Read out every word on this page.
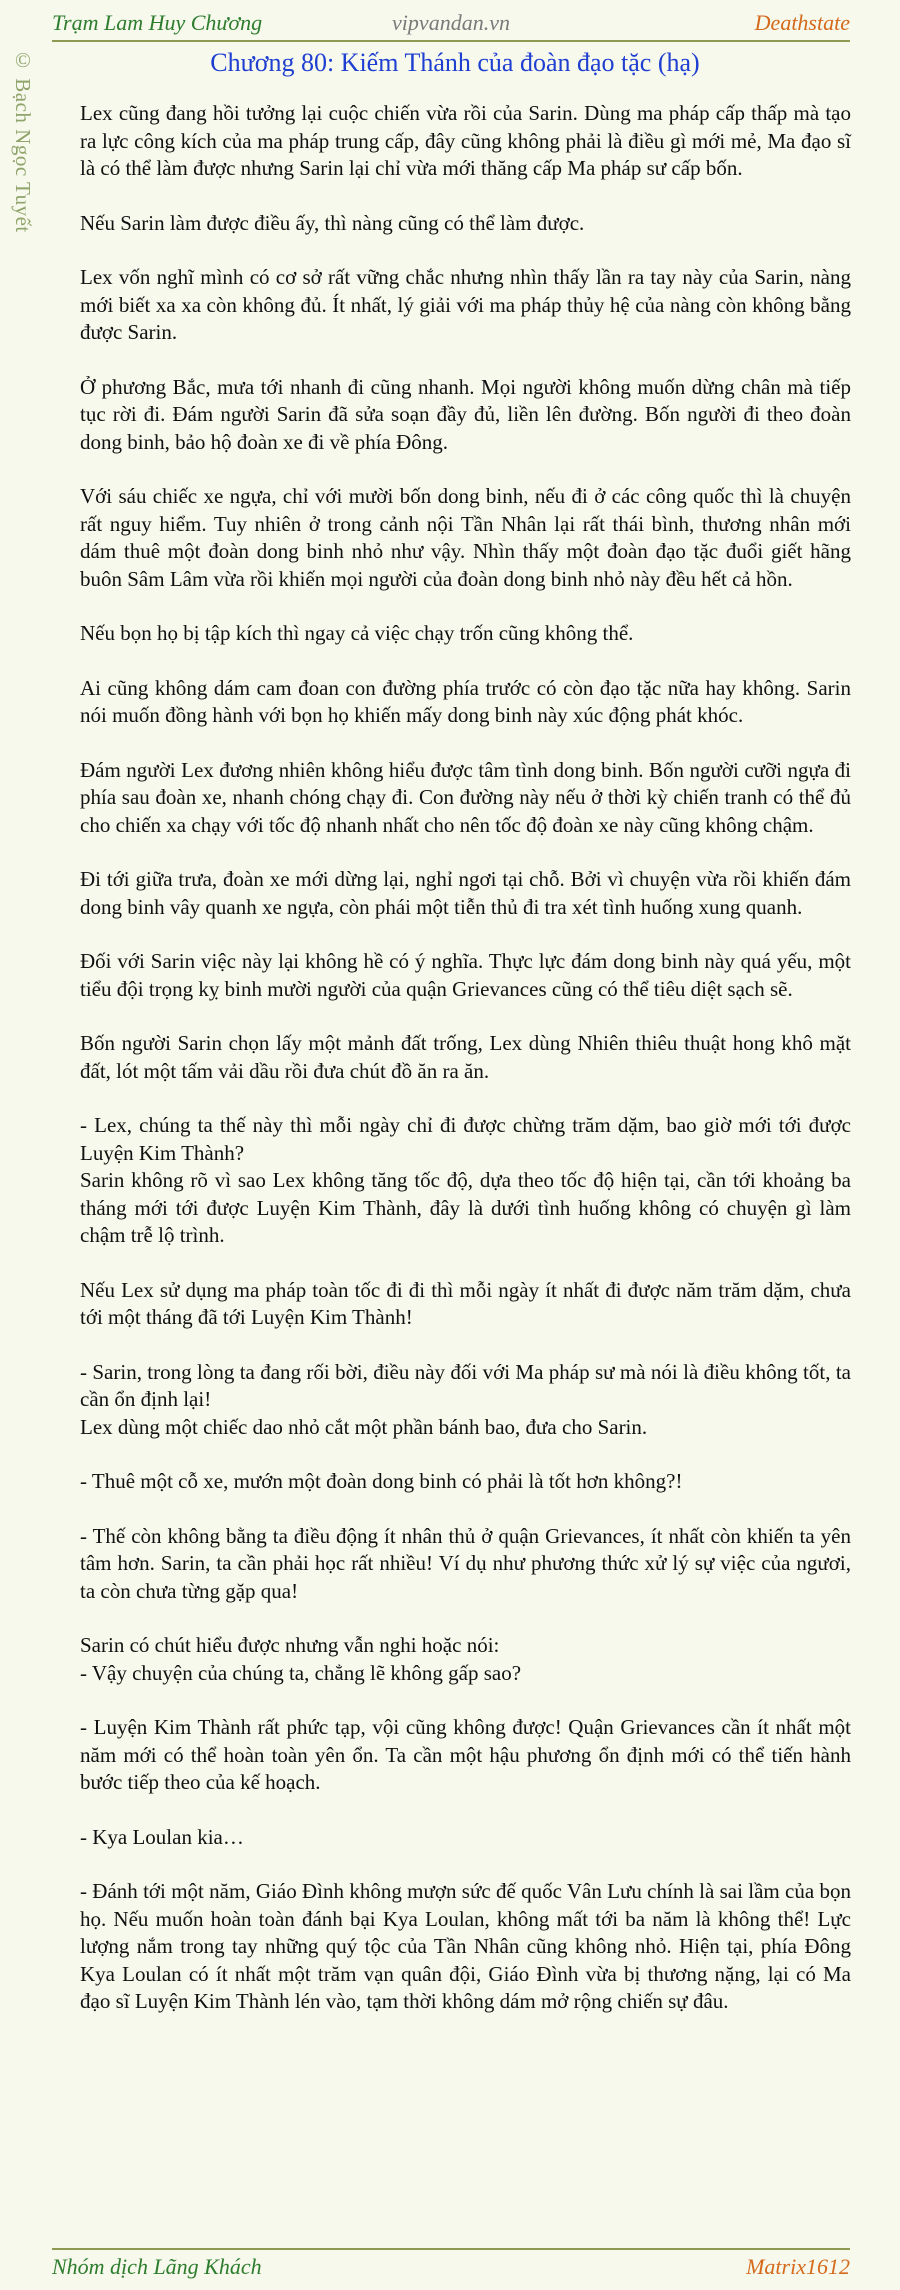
Trạm Lam Huy Chương	vipvandan.vn	Deathstate
© Bạch Ngọc Tuyết	Chương 80: Kiếm Thánh của đoàn đạo tặc (hạ)

Lex cũng đang hồi tưởng lại cuộc chiến vừa rồi của Sarin. Dùng ma pháp cấp thấp mà tạo ra lực công kích của ma pháp trung cấp, đây cũng không phải là điều gì mới mẻ, Ma đạo sĩ là có thể làm được nhưng Sarin lại chỉ vừa mới thăng cấp Ma pháp sư cấp bốn.

Nếu Sarin làm được điều ấy, thì nàng cũng có thể làm được.

Lex vốn nghĩ mình có cơ sở rất vững chắc nhưng nhìn thấy lần ra tay này của Sarin, nàng mới biết xa xa còn không đủ. Ít nhất, lý giải với ma pháp thủy hệ của nàng còn không bằng được Sarin.

Ở phương Bắc, mưa tới nhanh đi cũng nhanh. Mọi người không muốn dừng chân mà tiếp tục rời đi. Đám người Sarin đã sửa soạn đầy đủ, liền lên đường. Bốn người đi theo đoàn dong binh, bảo hộ đoàn xe đi về phía Đông.

Với sáu chiếc xe ngựa, chỉ với mười bốn dong binh, nếu đi ở các công quốc thì là chuyện rất nguy hiểm. Tuy nhiên ở trong cảnh nội Tần Nhân lại rất thái bình, thương nhân mới dám thuê một đoàn dong binh nhỏ như vậy. Nhìn thấy một đoàn đạo tặc đuổi giết hãng buôn Sâm Lâm vừa rồi khiến mọi người của đoàn dong binh nhỏ này đều hết cả hồn.

Nếu bọn họ bị tập kích thì ngay cả việc chạy trốn cũng không thể.

Ai cũng không dám cam đoan con đường phía trước có còn đạo tặc nữa hay không. Sarin nói muốn đồng hành với bọn họ khiến mấy dong binh này xúc động phát khóc.

Đám người Lex đương nhiên không hiểu được tâm tình dong binh. Bốn người cưỡi ngựa đi phía sau đoàn xe, nhanh chóng chạy đi. Con đường này nếu ở thời kỳ chiến tranh có thể đủ cho chiến xa chạy với tốc độ nhanh nhất cho nên tốc độ đoàn xe này cũng không chậm.

Đi tới giữa trưa, đoàn xe mới dừng lại, nghỉ ngơi tại chỗ. Bởi vì chuyện vừa rồi khiến đám dong binh vây quanh xe ngựa, còn phái một tiễn thủ đi tra xét tình huống xung quanh.

Đối với Sarin việc này lại không hề có ý nghĩa. Thực lực đám dong binh này quá yếu, một tiểu đội trọng kỵ binh mười người của quận Grievances cũng có thể tiêu diệt sạch sẽ.

Bốn người Sarin chọn lấy một mảnh đất trống, Lex dùng Nhiên thiêu thuật hong khô mặt đất, lót một tấm vải dầu rồi đưa chút đồ ăn ra ăn.

- Lex, chúng ta thế này thì mỗi ngày chỉ đi được chừng trăm dặm, bao giờ mới tới được Luyện Kim Thành?
Sarin không rõ vì sao Lex không tăng tốc độ, dựa theo tốc độ hiện tại, cần tới khoảng ba tháng mới tới được Luyện Kim Thành, đây là dưới tình huống không có chuyện gì làm chậm trễ lộ trình.

Nếu Lex sử dụng ma pháp toàn tốc đi đi thì mỗi ngày ít nhất đi được năm trăm dặm, chưa tới một tháng đã tới Luyện Kim Thành!

- Sarin, trong lòng ta đang rối bời, điều này đối với Ma pháp sư mà nói là điều không tốt, ta cần ổn định lại!
Lex dùng một chiếc dao nhỏ cắt một phần bánh bao, đưa cho Sarin.

- Thuê một cỗ xe, mướn một đoàn dong binh có phải là tốt hơn không?!

- Thế còn không bằng ta điều động ít nhân thủ ở quận Grievances, ít nhất còn khiến ta yên tâm hơn. Sarin, ta cần phải học rất nhiều! Ví dụ như phương thức xử lý sự việc của ngươi, ta còn chưa từng gặp qua!

Sarin có chút hiểu được nhưng vẫn nghi hoặc nói:
- Vậy chuyện của chúng ta, chẳng lẽ không gấp sao?

- Luyện Kim Thành rất phức tạp, vội cũng không được! Quận Grievances cần ít nhất một năm mới có thể hoàn toàn yên ổn. Ta cần một hậu phương ổn định mới có thể tiến hành bước tiếp theo của kế hoạch.

- Kya Loulan kia…

- Đánh tới một năm, Giáo Đình không mượn sức đế quốc Vân Lưu chính là sai lầm của bọn họ. Nếu muốn hoàn toàn đánh bại Kya Loulan, không mất tới ba năm là không thể! Lực lượng nắm trong tay những quý tộc của Tần Nhân cũng không nhỏ. Hiện tại, phía Đông Kya Loulan có ít nhất một trăm vạn quân đội, Giáo Đình vừa bị thương nặng, lại có Ma đạo sĩ Luyện Kim Thành lén vào, tạm thời không dám mở rộng chiến sự đâu.

Nhóm dịch Lãng Khách	Matrix1612
